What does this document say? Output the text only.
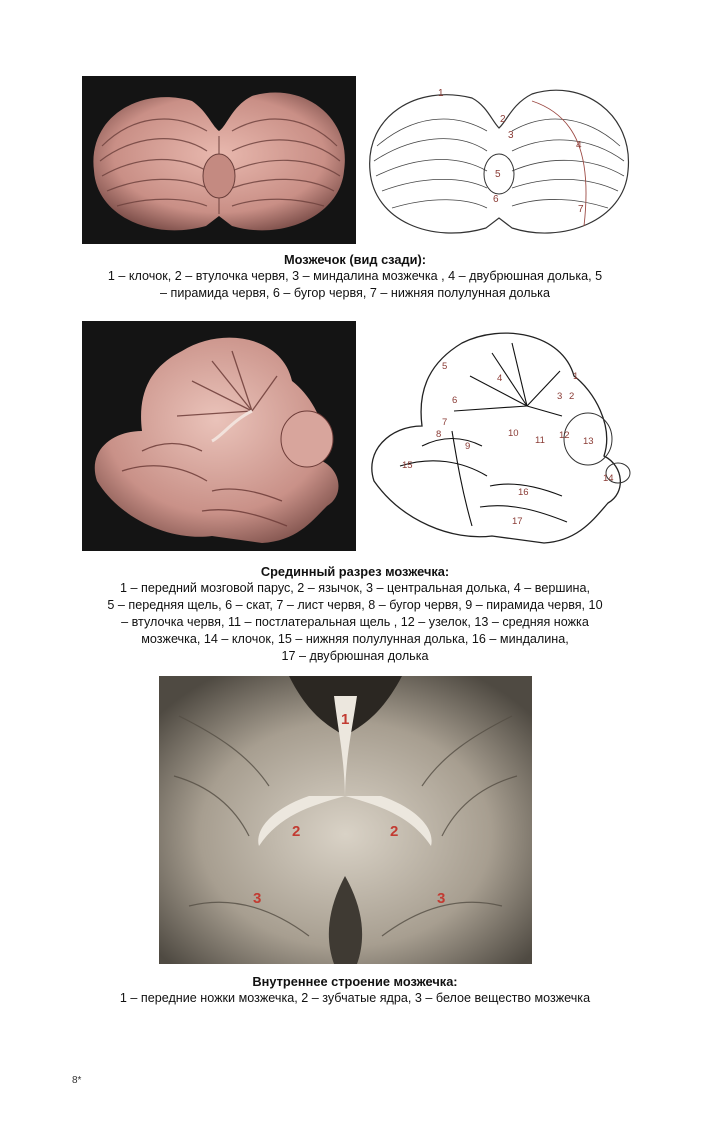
1
2
3
4
5
6
7
Мозжечок (вид сзади):
1 – клочок, 2 – втулочка червя, 3 – миндалина мозжечка , 4 – двубрюшная долька, 5
– пирамида червя, 6 – бугор червя, 7 – нижняя полулунная долька
1
2
3
4
5
6
7
8
9
10
11 12
13
14
15
16
17
Срединный разрез мозжечка:
1 – передний мозговой парус, 2 – язычок, 3 – центральная долька, 4 – вершина,
5 – передняя щель, 6 – скат, 7 – лист червя, 8 – бугор червя, 9 – пирамида червя, 10
– втулочка червя, 11 – постлатеральная щель , 12 – узелок, 13 – средняя ножка
мозжечка, 14 – клочок, 15 – нижняя полулунная долька, 16 – миндалина,
17 – двубрюшная долька
1
2	2
3	3
Внутреннее строение мозжечка:
1 – передние ножки мозжечка, 2 – зубчатые ядра, 3 – белое вещество мозжечка
8*
